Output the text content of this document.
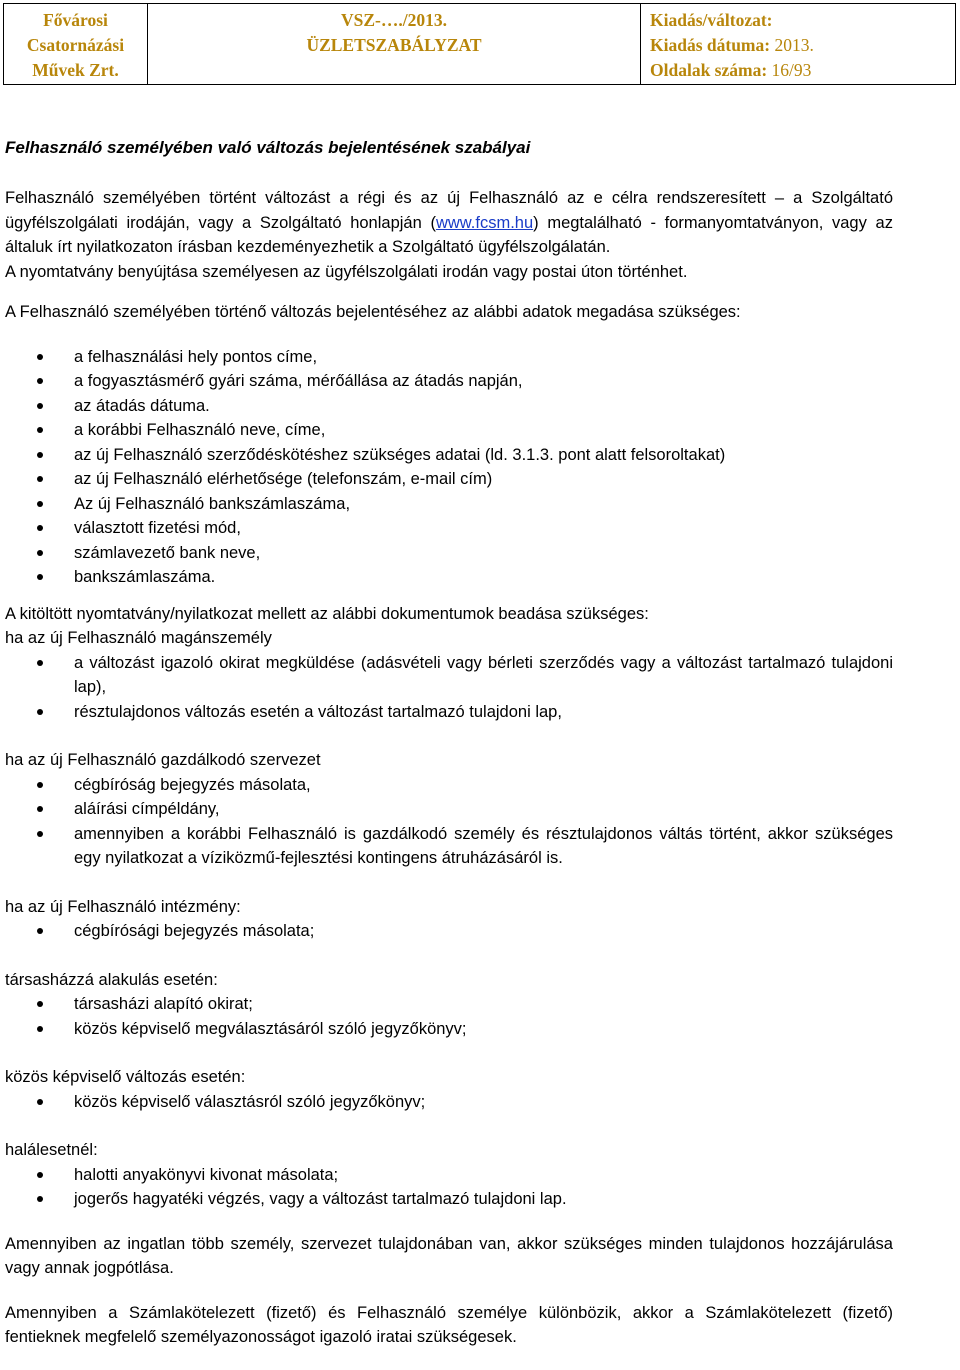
Fővárosi
Csatornázási
Művek Zrt.

VSZ-…./2013.
ÜZLETSZABÁLYZAT

Kiadás/változat:
Kiadás dátuma: 2013.
Oldalak száma: 16/93
Felhasználó személyében való változás bejelentésének szabályai

Felhasználó személyében történt változást a régi és az új Felhasználó az e célra rendszeresített – a Szolgáltató ügyfélszolgálati irodáján, vagy a Szolgáltató honlapján (www.fcsm.hu) megtalálható - formanyomtatványon, vagy az általuk írt nyilatkozaton írásban kezdeményezhetik a Szolgáltató ügyfélszolgálatán.

A nyomtatvány benyújtása személyesen az ügyfélszolgálati irodán vagy postai úton történhet.

A Felhasználó személyében történő változás bejelentéséhez az alábbi adatok megadása szükséges:

a felhasználási hely pontos címe,
a fogyasztásmérő gyári száma, mérőállása az átadás napján,
az átadás dátuma.
a korábbi Felhasználó neve, címe,
az új Felhasználó szerződéskötéshez szükséges adatai (ld. 3.1.3. pont alatt felsoroltakat)
az új Felhasználó elérhetősége (telefonszám, e-mail cím)
Az új Felhasználó bankszámlaszáma,
választott fizetési mód,
számlavezető bank neve,
bankszámlaszáma.

A kitöltött nyomtatvány/nyilatkozat mellett az alábbi dokumentumok beadása szükséges:

ha az új Felhasználó magánszemély

a változást igazoló okirat megküldése (adásvételi vagy bérleti szerződés vagy a változást tartalmazó tulajdoni lap),
résztulajdonos változás esetén a változást tartalmazó tulajdoni lap,

ha az új Felhasználó gazdálkodó szervezet

cégbíróság bejegyzés másolata,
aláírási címpéldány,
amennyiben a korábbi Felhasználó is gazdálkodó személy és résztulajdonos váltás történt, akkor szükséges egy nyilatkozat a víziközmű-fejlesztési kontingens átruházásáról is.

ha az új Felhasználó intézmény:

cégbírósági bejegyzés másolata;

társasházzá alakulás esetén:

társasházi alapító okirat;
közös képviselő megválasztásáról szóló jegyzőkönyv;

közös képviselő változás esetén:

közös képviselő választásról szóló jegyzőkönyv;

halálesetnél:

halotti anyakönyvi kivonat másolata;
jogerős hagyatéki végzés, vagy a változást tartalmazó tulajdoni lap.

Amennyiben az ingatlan több személy, szervezet tulajdonában van, akkor szükséges minden tulajdonos hozzájárulása vagy annak jogpótlása.

Amennyiben a Számlakötelezett (fizető) és Felhasználó személye különbözik, akkor a Számlakötelezett (fizető) fentieknek megfelelő személyazonosságot igazoló iratai szükségesek.
